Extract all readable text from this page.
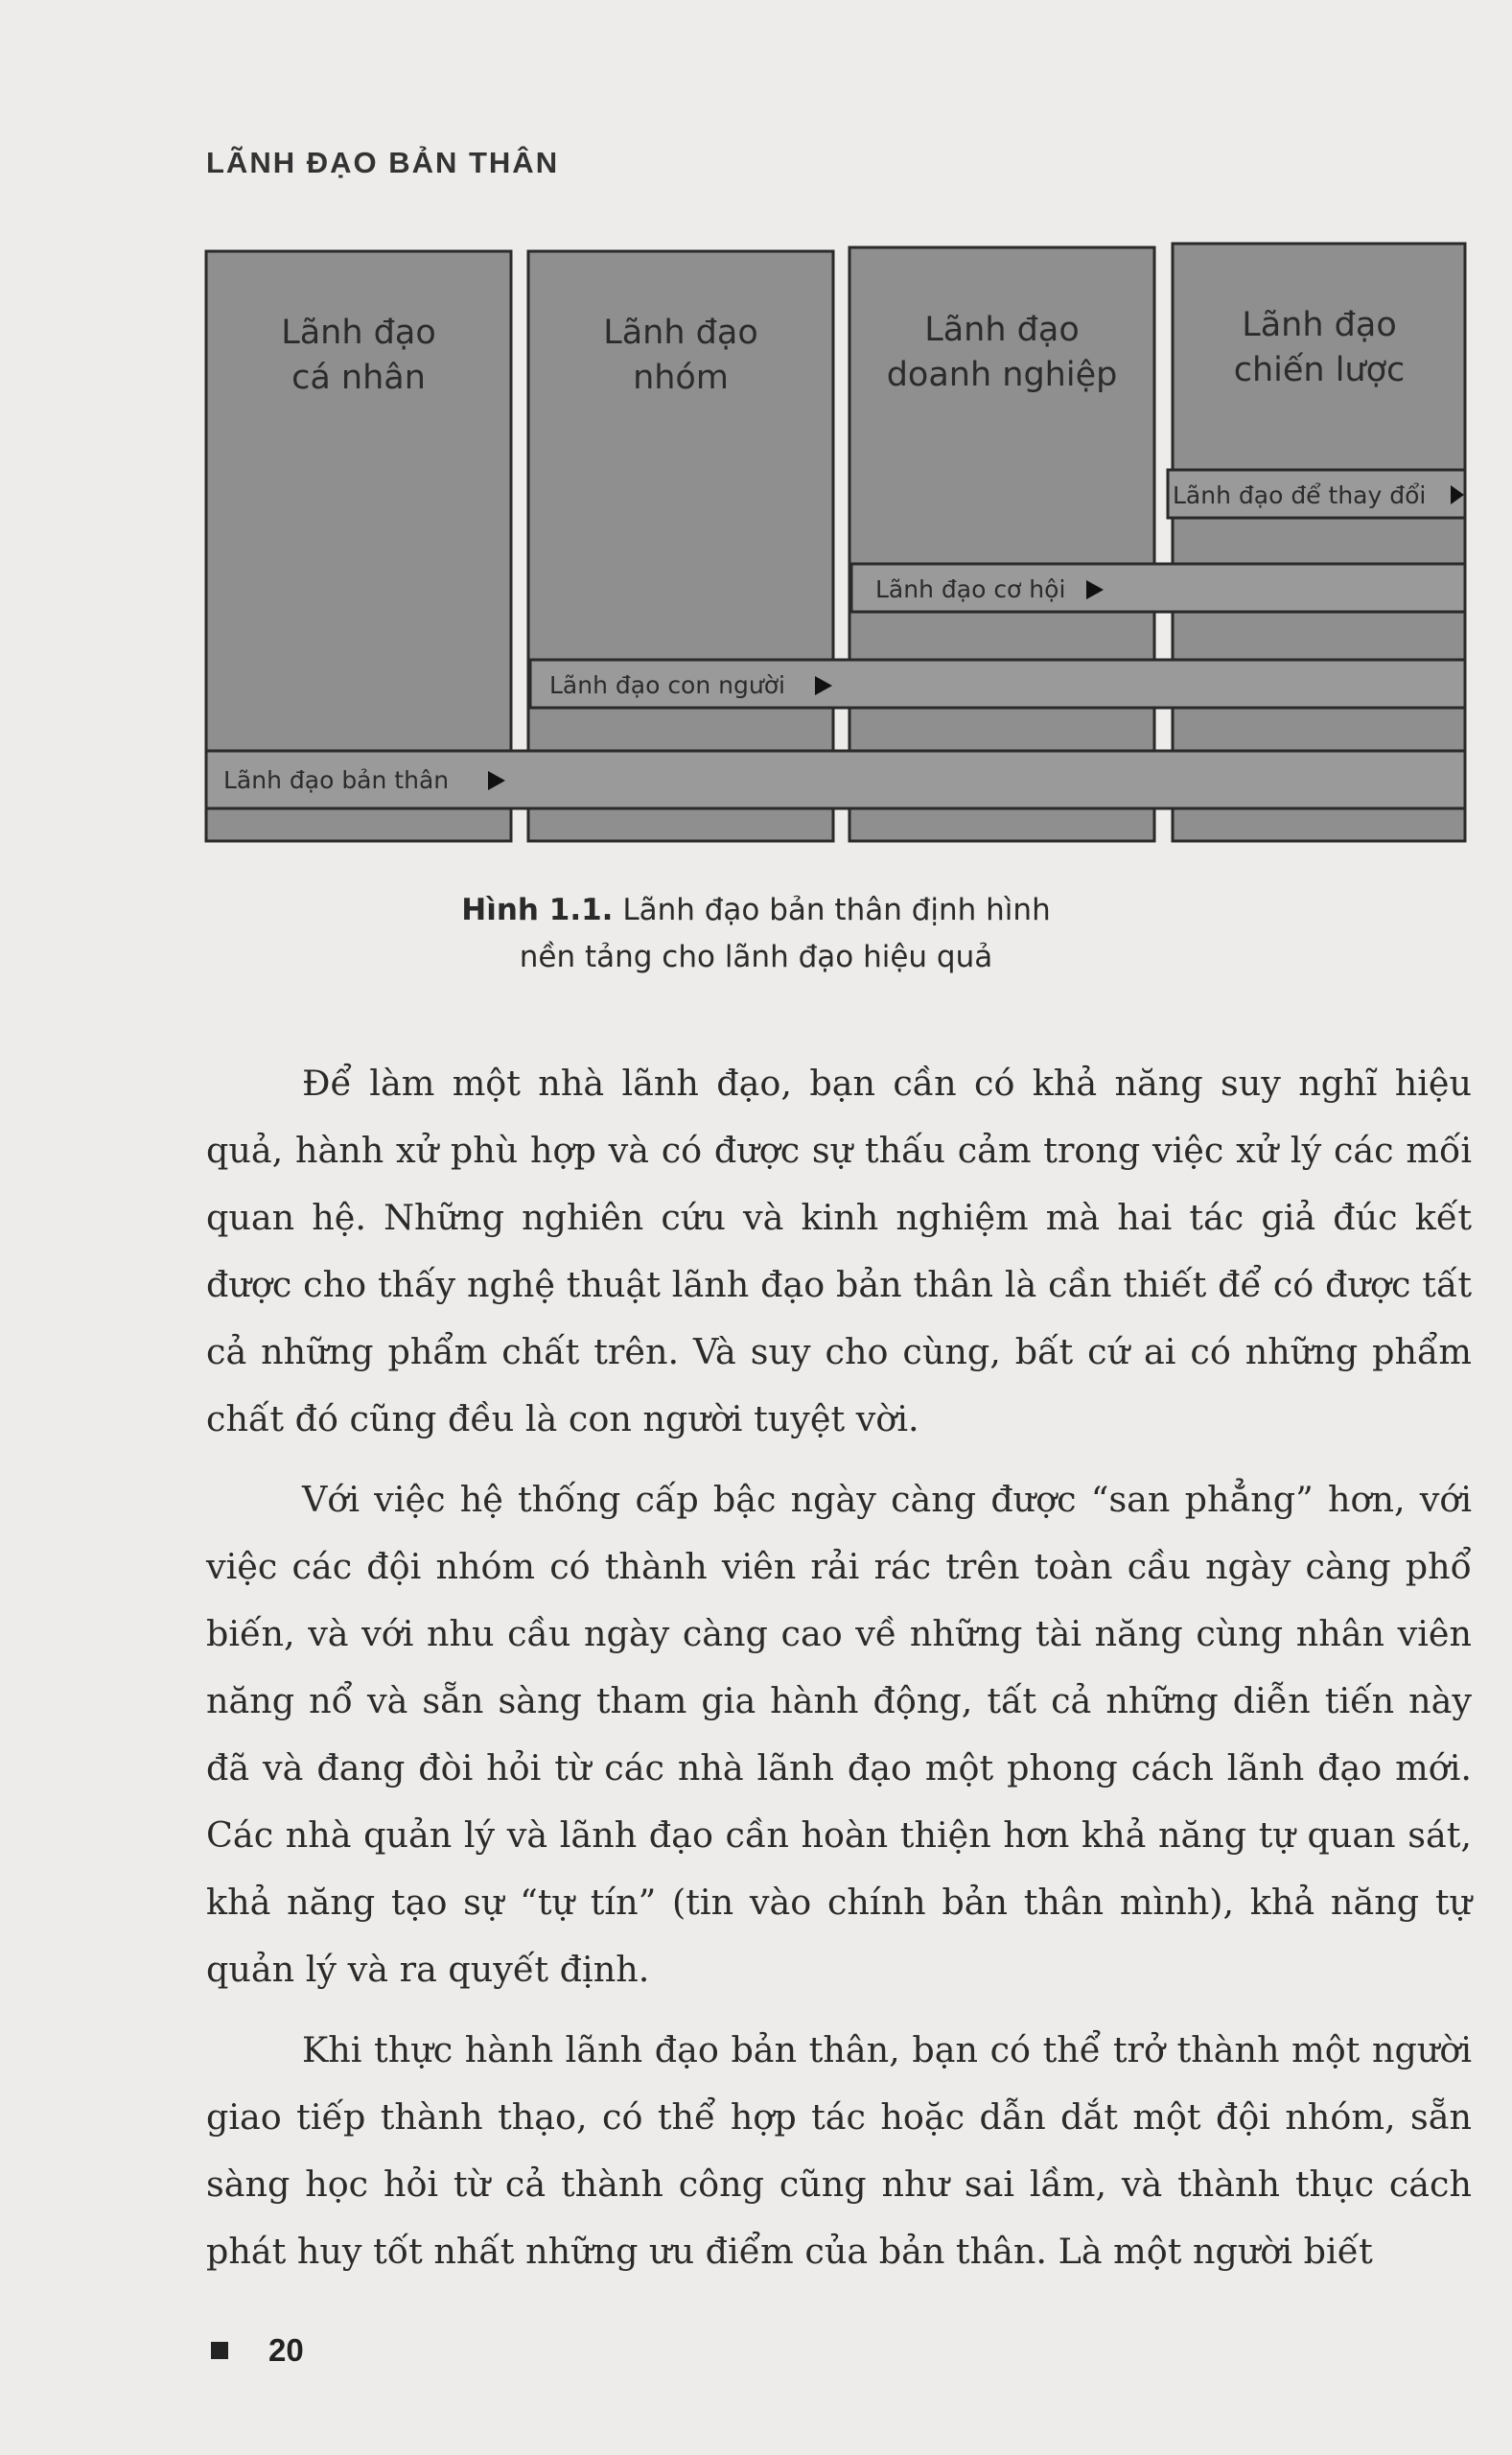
LÃNH ĐẠO BẢN THÂN
Lãnh đạo
cá nhân
Lãnh đạo
nhóm
Lãnh đạo
doanh nghiệp
Lãnh đạo
chiến lược
Lãnh đạo để thay đổi
Lãnh đạo cơ hội
Lãnh đạo con người
Lãnh đạo bản thân
Hình 1.1. Lãnh đạo bản thân định hình
nền tảng cho lãnh đạo hiệu quả

Để làm một nhà lãnh đạo, bạn cần có khả năng suy nghĩ hiệu quả, hành xử phù hợp và có được sự thấu cảm trong việc xử lý các mối quan hệ. Những nghiên cứu và kinh nghiệm mà hai tác giả đúc kết được cho thấy nghệ thuật lãnh đạo bản thân là cần thiết để có được tất cả những phẩm chất trên. Và suy cho cùng, bất cứ ai có những phẩm chất đó cũng đều là con người tuyệt vời.

Với việc hệ thống cấp bậc ngày càng được “san phẳng” hơn, với việc các đội nhóm có thành viên rải rác trên toàn cầu ngày càng phổ biến, và với nhu cầu ngày càng cao về những tài năng cùng nhân viên năng nổ và sẵn sàng tham gia hành động, tất cả những diễn tiến này đã và đang đòi hỏi từ các nhà lãnh đạo một phong cách lãnh đạo mới. Các nhà quản lý và lãnh đạo cần hoàn thiện hơn khả năng tự quan sát, khả năng tạo sự “tự tín” (tin vào chính bản thân mình), khả năng tự quản lý và ra quyết định.

Khi thực hành lãnh đạo bản thân, bạn có thể trở thành một người giao tiếp thành thạo, có thể hợp tác hoặc dẫn dắt một đội nhóm, sẵn sàng học hỏi từ cả thành công cũng như sai lầm, và thành thục cách phát huy tốt nhất những ưu điểm của bản thân. Là một người biết

20
